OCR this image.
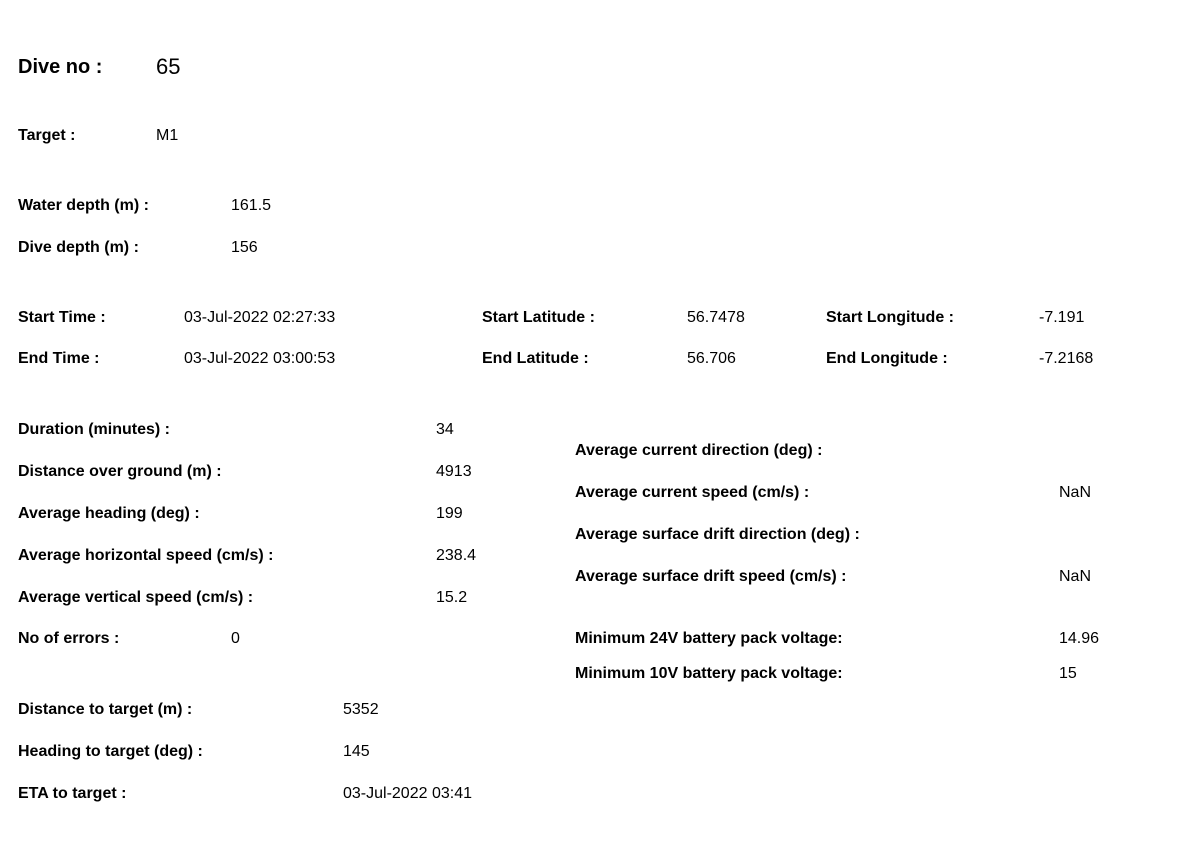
Dive no : 65
Target :	M1
Water depth (m) :	161.5
Dive depth (m) :	156
Start Time :	03-Jul-2022 02:27:33
End Time :	03-Jul-2022 03:00:53
Start Latitude :	56.7478
End Latitude :	56.706
Start Longitude :	-7.191
End Longitude :	-7.2168
Duration (minutes) :	34
Distance over ground (m) :	4913
Average heading (deg) :	199
Average horizontal speed (cm/s) :	238.4
Average vertical speed (cm/s) :	15.2
No of errors :	0
Average current direction (deg) :
Average current speed (cm/s) :	NaN
Average surface drift direction (deg) :
Average surface drift speed (cm/s) :	NaN
Minimum 24V battery pack voltage:	14.96
Minimum 10V battery pack voltage:	15
Distance to target (m) :	5352
Heading to target (deg) :	145
ETA to target :	03-Jul-2022 03:41
